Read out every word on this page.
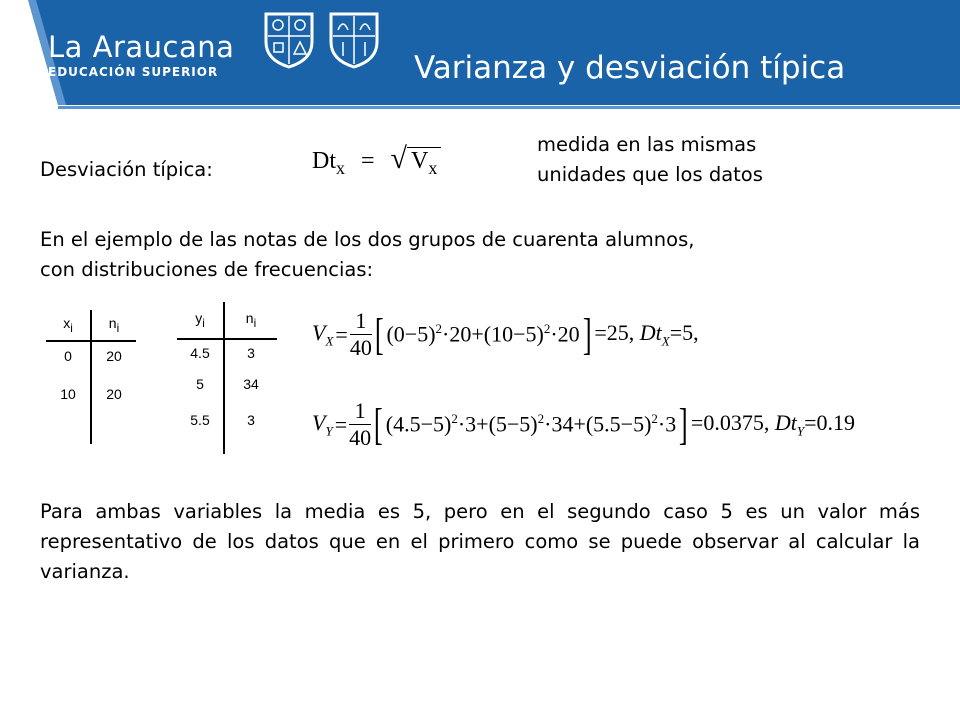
La Araucana
EDUCACIÓN SUPERIOR	Varianza y desviación típica
Desviación típica:	$Dt_x$ = √ $V_x$
medida en las mismas
unidades que los datos
En el ejemplo de las notas de los dos grupos de cuarenta alumnos,
con distribuciones de frecuencias:
$x_i$	$n_i$
0	20
10	20

$y_i$	$n_i$
4.5	3
5	34
5.5	3

$V_X= \frac{1}{40}$ [ $(0-5)^2\cdot 20+(10-5)^2\cdot 20] =25$, $Dt_X=5$,
$V_Y= \frac{1}{40}$ [ $(4.5-5)^2\cdot 3+(5-5)^2\cdot 34+(5.5-5)^2\cdot 3] =0.0375$, $Dt_Y=0.19$
Para ambas variables la media es 5, pero en el segundo caso 5 es un valor más representativo de los datos que en el primero como se puede observar al calcular la varianza.
